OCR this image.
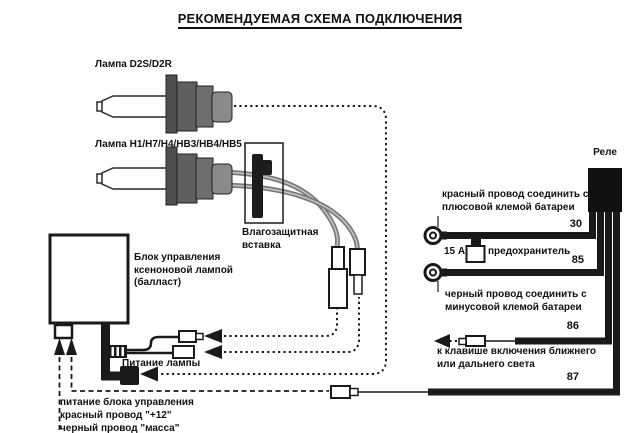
РЕКОМЕНДУЕМАЯ СХЕМА ПОДКЛЮЧЕНИЯ
Лампа D2S/D2R
Лампа H1/H7/H4/HB3/HB4/HB5
Влагозащитная вставка
Блок управления ксеноновой лампой (балласт)
Питание лампы
Реле
красный провод соединить с плюсовой клемой батареи
15 А предохранитель
черный провод соединить с минусовой клемой батареи
к клавише включения ближнего или дальнего света
30
85
86
87
питание блока управления
красный провод "+12"
черный провод "масса"
